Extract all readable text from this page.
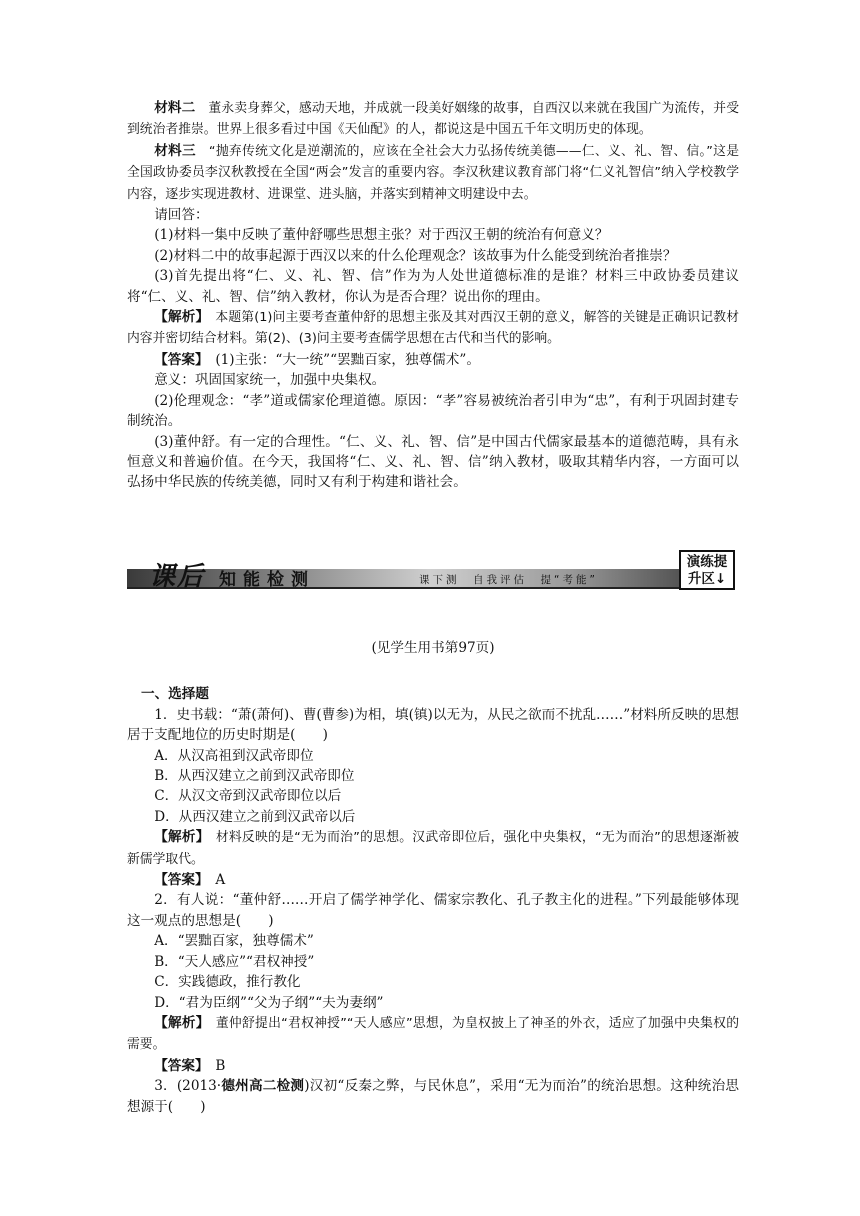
材料二　董永卖身葬父，感动天地，并成就一段美好姻缘的故事，自西汉以来就在我国广为流传，并受到统治者推崇。世界上很多看过中国《天仙配》的人，都说这是中国五千年文明历史的体现。

材料三　“抛弃传统文化是逆潮流的，应该在全社会大力弘扬传统美德——仁、义、礼、智、信。”这是全国政协委员李汉秋教授在全国“两会”发言的重要内容。李汉秋建议教育部门将“仁义礼智信”纳入学校教学内容，逐步实现进教材、进课堂、进头脑，并落实到精神文明建设中去。

请回答：

(1)材料一集中反映了董仲舒哪些思想主张？对于西汉王朝的统治有何意义？

(2)材料二中的故事起源于西汉以来的什么伦理观念？该故事为什么能受到统治者推崇？

(3)首先提出将“仁、义、礼、智、信”作为为人处世道德标准的是谁？材料三中政协委员建议将“仁、义、礼、智、信”纳入教材，你认为是否合理？说出你的理由。

【解析】　本题第(1)问主要考查董仲舒的思想主张及其对西汉王朝的意义，解答的关键是正确识记教材内容并密切结合材料。第(2)、(3)问主要考查儒学思想在古代和当代的影响。

【答案】　(1)主张：“大一统”“罢黜百家，独尊儒术”。

意义：巩固国家统一，加强中央集权。

(2)伦理观念：“孝”道或儒家伦理道德。原因：“孝”容易被统治者引申为“忠”，有利于巩固封建专制统治。

(3)董仲舒。有一定的合理性。“仁、义、礼、智、信”是中国古代儒家最基本的道德范畴，具有永恒意义和普遍价值。在今天，我国将“仁、义、礼、智、信”纳入教材，吸取其精华内容，一方面可以弘扬中华民族的传统美德，同时又有利于构建和谐社会。

课后 知能检测	课下测　自我评估　提“考能”
演练提
升区↓

(见学生用书第97页)

一、选择题

1．史书载：“萧(萧何)、曹(曹参)为相，填(镇)以无为，从民之欲而不扰乱……”材料所反映的思想居于支配地位的历史时期是(　　)

A．从汉高祖到汉武帝即位

B．从西汉建立之前到汉武帝即位

C．从汉文帝到汉武帝即位以后

D．从西汉建立之前到汉武帝以后

【解析】　材料反映的是“无为而治”的思想。汉武帝即位后，强化中央集权，“无为而治”的思想逐渐被新儒学取代。

【答案】　A

2．有人说：“董仲舒……开启了儒学神学化、儒家宗教化、孔子教主化的进程。”下列最能够体现这一观点的思想是(　　)

A．“罢黜百家，独尊儒术”

B．“天人感应”“君权神授”

C．实践德政，推行教化

D．“君为臣纲”“父为子纲”“夫为妻纲”

【解析】　董仲舒提出“君权神授”“天人感应”思想，为皇权披上了神圣的外衣，适应了加强中央集权的需要。

【答案】　B

3．(2013·德州高二检测)汉初“反秦之弊，与民休息”，采用“无为而治”的统治思想。这种统治思想源于(　　)
